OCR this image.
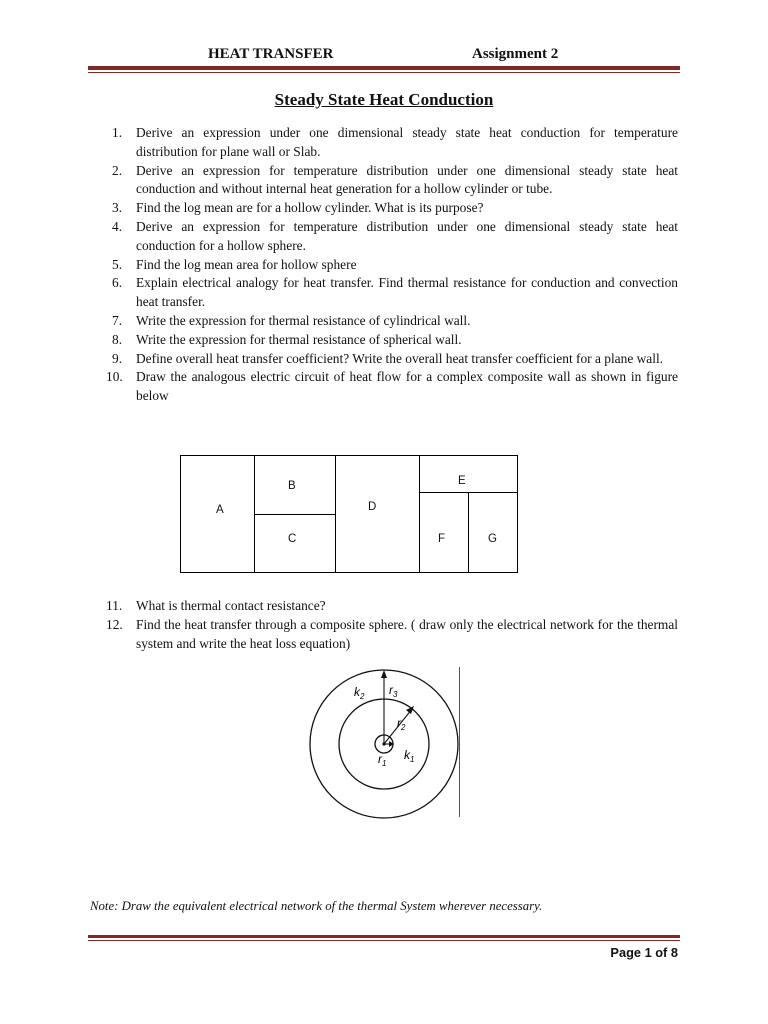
HEAT TRANSFER	Assignment 2
Steady State Heat Conduction
1.	Derive an expression under one dimensional steady state heat conduction for temperature distribution for plane wall or Slab.
2.	Derive an expression for temperature distribution under one dimensional steady state heat conduction and without internal heat generation for a hollow cylinder or tube.
3.	Find the log mean are for a hollow cylinder. What is its purpose?
4.	Derive an expression for temperature distribution under one dimensional steady state heat conduction for a hollow sphere.
5.	Find the log mean area for hollow sphere
6.	Explain electrical analogy for heat transfer. Find thermal resistance for conduction and convection heat transfer.
7.	Write the expression for thermal resistance of cylindrical wall.
8.	Write the expression for thermal resistance of spherical wall.
9.	Define overall heat transfer coefficient? Write the overall heat transfer coefficient for a plane wall.
10. Draw the analogous electric circuit of heat flow for a complex composite wall as shown in figure below
A
B
C
D
E
F	G
11.	What is thermal contact resistance?
12. Find the heat transfer through a composite sphere. ( draw only the electrical network for the thermal system and write the heat loss equation)
$k_2$ $r_3$
$r_2$
$r_1$
$k_1$
Note: Draw the equivalent electrical network of the thermal System wherever necessary.
Page 1 of 8
